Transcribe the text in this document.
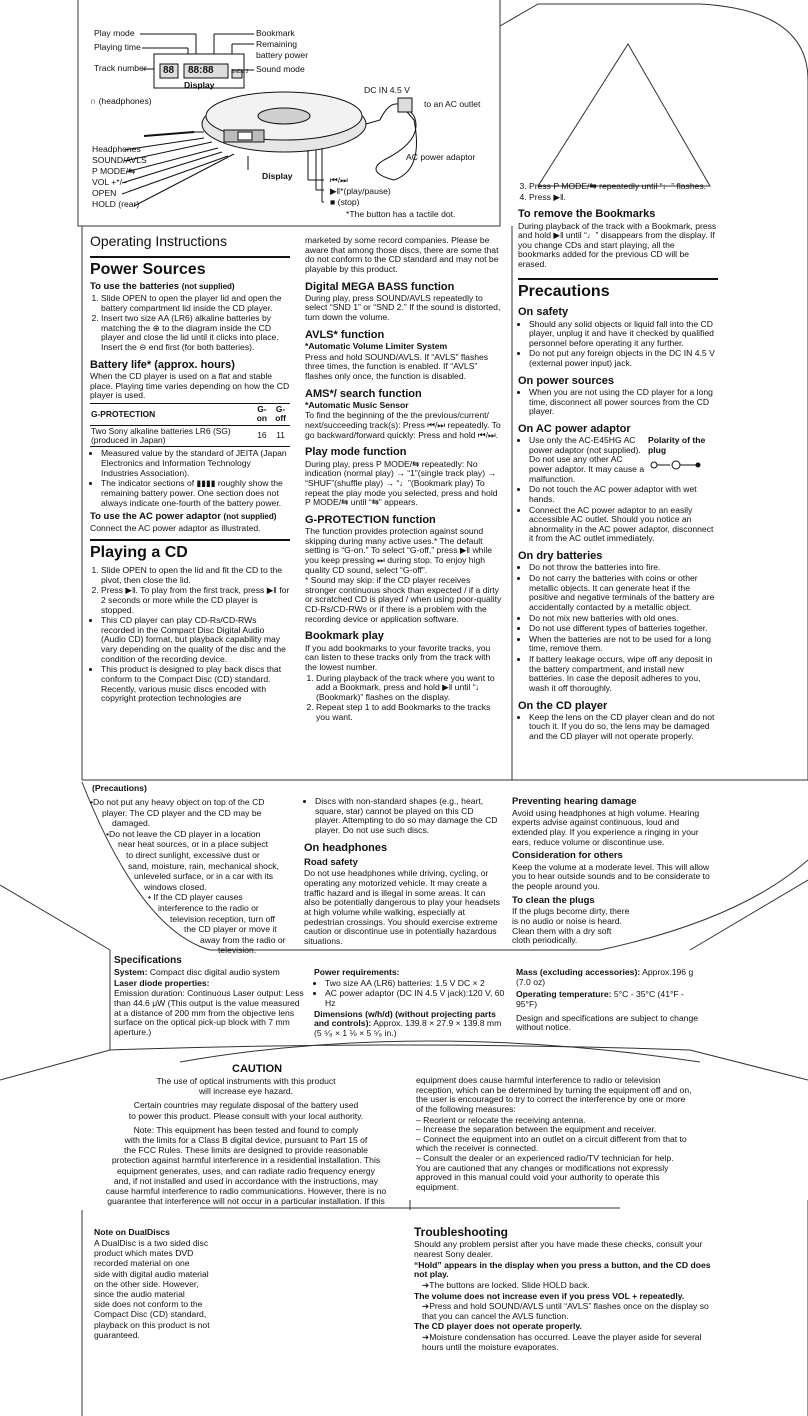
Play mode
Playing time
Track number 88 88:88	SND1 2
Display
Bookmark
Remaining
battery power
Sound mode
∩ (headphones)
DC IN 4.5 V
to an AC outlet
AC power adaptor
Headphones
SOUND/AVLS
P MODE/⇆
VOL +*/–
OPEN
HOLD (rear)
Display	⏮/⏭
▶‖*(play/pause)
■ (stop)
*The button has a tactile dot.
Operating Instructions
Power Sources
To use the batteries (not supplied)
1. Slide OPEN to open the player lid and open the battery compartment lid inside the CD player.
2. Insert two size AA (LR6) alkaline batteries by matching the ⊕ to the diagram inside the CD player and close the lid until it clicks into place. Insert the ⊖ end first (for both batteries).
Battery life* (approx. hours)

When the CD player is used on a flat and stable place. Playing time varies depending on how the CD player is used.

G-PROTECTION	G-on	G-off
Two Sony alkaline batteries LR6 (SG)(produced in Japan)	16	11
• Measured value by the standard of JEITA (Japan Electronics and Information Technology Industries Association).
• The indicator sections of ▮▮▮▮ roughly show the remaining battery power. One section does not always indicate one-fourth of the battery power.
To use the AC power adaptor (not supplied)

Connect the AC power adaptor as illustrated.

Playing a CD
1. Slide OPEN to open the lid and fit the CD to the pivot, then close the lid.
2. Press ▶‖. To play from the first track, press ▶‖ for 2 seconds or more while the CD player is stopped.
• This CD player can play CD-Rs/CD-RWs recorded in the Compact Disc Digital Audio (Audio CD) format, but playback capability may vary depending on the quality of the disc and the condition of the recording device.
• This product is designed to play back discs that conform to the Compact Disc (CD) standard. Recently, various music discs encoded with copyright protection technologies are

marketed by some record companies. Please be aware that among those discs, there are some that do not conform to the CD standard and may not be playable by this product.

Digital MEGA BASS function

During play, press SOUND/AVLS repeatedly to select “SND 1” or “SND 2.” If the sound is distorted, turn down the volume.

AVLS* function

*Automatic Volume Limiter System

Press and hold SOUND/AVLS. If “AVLS” flashes three times, the function is enabled. If “AVLS” flashes only once, the function is disabled.

AMS*/ search function

*Automatic Music Sensor

To find the beginning of the the previous/current/ next/succeeding track(s): Press ⏮/⏭ repeatedly. To go backward/forward quickly: Press and hold ⏮/⏭.

Play mode function

During play, press P MODE/⇆ repeatedly: No indication (normal play) → “1”(single track play) → “SHUF”(shuffle play) → “♩”(Bookmark play) To repeat the play mode you selected, press and hold P MODE/⇆ until “⇆” appears.

G-PROTECTION function

The function provides protection against sound skipping during many active uses.* The default setting is “G-on.” To select “G-off,” press ▶‖ while you keep pressing ⏭ during stop. To enjoy high quality CD sound, select “G-off”.

* Sound may skip: if the CD player receives stronger continuous shock than expected / if a dirty or scratched CD is played / when using poor-quality CD-Rs/CD-RWs or if there is a problem with the recording device or application software.

Bookmark play

If you add bookmarks to your favorite tracks, you can listen to these tracks only from the track with the lowest number.

1. During playback of the track where you want to add a Bookmark, press and hold ▶‖ until “♩ (Bookmark)” flashes on the display.
2. Repeat step 1 to add Bookmarks to the tracks you want.
3. Press P MODE/⇆ repeatedly until “♩” flashes.
4. Press ▶‖.
To remove the Bookmarks

During playback of the track with a Bookmark, press and hold ▶‖ until “♩” disappears from the display. If you change CDs and start playing, all the bookmarks added for the previous CD will be erased.

Precautions
On safety
• Should any solid objects or liquid fall into the CD player, unplug it and have it checked by qualified personnel before operating it any further.
• Do not put any foreign objects in the DC IN 4.5 V (external power input) jack.
On power sources
• When you are not using the CD player for a long time, disconnect all power sources from the CD player.
On AC power adaptor
• Use only the AC-E45HG AC power adaptor (not supplied). Do not use any other AC power adaptor. It may cause a malfunction.
Polarity of the plug
• Do not touch the AC power adaptor with wet hands.
• Connect the AC power adaptor to an easily accessible AC outlet. Should you notice an abnormality in the AC power adaptor, disconnect it from the AC outlet immediately.
On dry batteries
• Do not throw the batteries into fire.
• Do not carry the batteries with coins or other metallic objects. It can generate heat if the positive and negative terminals of the battery are accidentally contacted by a metallic object.
• Do not mix new batteries with old ones.
• Do not use different types of batteries together.
• When the batteries are not to be used for a long time, remove them.
• If battery leakage occurs, wipe off any deposit in the battery compartment, and install new batteries. In case the deposit adheres to you, wash it off thoroughly.
On the CD player
• Keep the lens on the CD player clean and do not touch it. If you do so, the lens may be damaged and the CD player will not operate properly.
(Precautions)
•Do not put any heavy object on top of the CD
player. The CD player and the CD may be
damaged.
•Do not leave the CD player in a location
near heat sources, or in a place subject
to direct sunlight, excessive dust or
sand, moisture, rain, mechanical shock,
unleveled surface, or in a car with its
windows closed.
• If the CD player causes
interference to the radio or
television reception, turn off
the CD player or move it
away from the radio or
television.
• Discs with non-standard shapes (e.g., heart, square, star) cannot be played on this CD player. Attempting to do so may damage the CD player. Do not use such discs.
On headphones
Road safety

Do not use headphones while driving, cycling, or operating any motorized vehicle. It may create a traffic hazard and is illegal in some areas. It can also be potentially dangerous to play your headsets at high volume while walking, especially at pedestrian crossings. You should exercise extreme caution or discontinue use in potentially hazardous situations.

Preventing hearing damage

Avoid using headphones at high volume. Hearing experts advise against continuous, loud and extended play. If you experience a ringing in your ears, reduce volume or discontinue use.

Consideration for others

Keep the volume at a moderate level. This will allow you to hear outside sounds and to be considerate to the people around you.

To clean the plugs
If the plugs become dirty, there
is no audio or noise is heard.
Clean them with a dry soft
cloth periodically.
Specifications

System: Compact disc digital audio system

Laser diode properties:

Emission duration: Continuous Laser output: Less than 44.6 μW (This output is the value measured at a distance of 200 mm from the objective lens surface on the optical pick-up block with 7 mm aperture.)

Power requirements:

• Two size AA (LR6) batteries: 1.5 V DC × 2
• AC power adaptor (DC IN 4.5 V jack):120 V, 60 Hz

Dimensions (w/h/d) (without projecting parts and controls): Approx. 139.8 × 27.9 × 139.8 mm (5 ⁵⁄₈ × 1 ⅛ × 5 ⁵⁄₈ in.)

Mass (excluding accessories): Approx.196 g (7.0 oz)

Operating temperature: 5°C - 35°C (41°F - 95°F)

Design and specifications are subject to change without notice.

CAUTION
The use of optical instruments with this product
will increase eye hazard.
Certain countries may regulate disposal of the battery used
to power this product. Please consult with your local authority.
Note: This equipment has been tested and found to comply
with the limits for a Class B digital device, pursuant to Part 15 of
the FCC Rules. These limits are designed to provide reasonable
protection against harmful interference in a residential installation. This
equipment generates, uses, and can radiate radio frequency energy
and, if not installed and used in accordance with the instructions, may
cause harmful interference to radio communications. However, there is no
guarantee that interference will not occur in a particular installation. If this

equipment does cause harmful interference to radio or television reception, which can be determined by turning the equipment off and on, the user is encouraged to try to correct the interference by one or more of the following measures:

– Reorient or relocate the receiving antenna.
– Increase the separation between the equipment and receiver.
– Connect the equipment into an outlet on a circuit different from that to which the receiver is connected.
– Consult the dealer or an experienced radio/TV technician for help.

You are cautioned that any changes or modifications not expressly approved in this manual could void your authority to operate this equipment.

Note on DualDiscs
A DualDisc is a two sided disc
product which mates DVD
recorded material on one
side with digital audio material
on the other side. However,
since the audio material
side does not conform to the
Compact Disc (CD) standard,
playback on this product is not
guaranteed.
Troubleshooting

Should any problem persist after you have made these checks, consult your nearest Sony dealer.

“Hold” appears in the display when you press a button, and the CD does not play.

➔The buttons are locked. Slide HOLD back.

The volume does not increase even if you press VOL + repeatedly.

➔Press and hold SOUND/AVLS until “AVLS” flashes once on the display so that you can cancel the AVLS function.

The CD player does not operate properly.

➔Moisture condensation has occurred. Leave the player aside for several hours until the moisture evaporates.
